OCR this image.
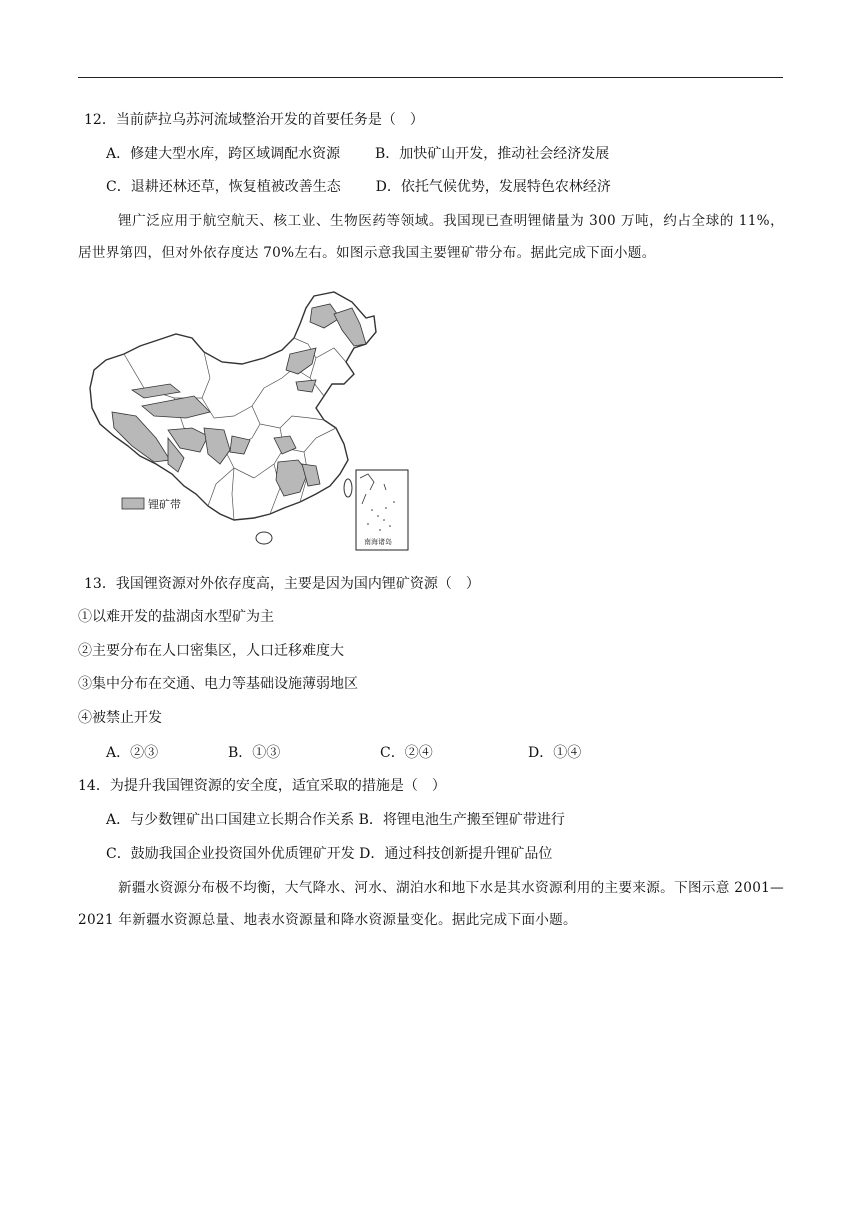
12．当前萨拉乌苏河流域整治开发的首要任务是（　）
A．修建大型水库，跨区域调配水资源 B．加快矿山开发，推动社会经济发展
C．退耕还林还草，恢复植被改善生态 D．依托气候优势，发展特色农林经济
锂广泛应用于航空航天、核工业、生物医药等领域。我国现已查明锂储量为 300 万吨，约占全球的 11%，居世界第四，但对外依存度达 70%左右。如图示意我国主要锂矿带分布。据此完成下面小题。
锂矿带
南海诸岛
13．我国锂资源对外依存度高，主要是因为国内锂矿资源（　）
①以难开发的盐湖卤水型矿为主
②主要分布在人口密集区，人口迁移难度大
③集中分布在交通、电力等基础设施薄弱地区
④被禁止开发
A．②③	B．①③	C．②④	D．①④
14．为提升我国锂资源的安全度，适宜采取的措施是（　）
A．与少数锂矿出口国建立长期合作关系 B．将锂电池生产搬至锂矿带进行
C．鼓励我国企业投资国外优质锂矿开发 D．通过科技创新提升锂矿品位
新疆水资源分布极不均衡，大气降水、河水、湖泊水和地下水是其水资源利用的主要来源。下图示意 2001—2021 年新疆水资源总量、地表水资源量和降水资源量变化。据此完成下面小题。
